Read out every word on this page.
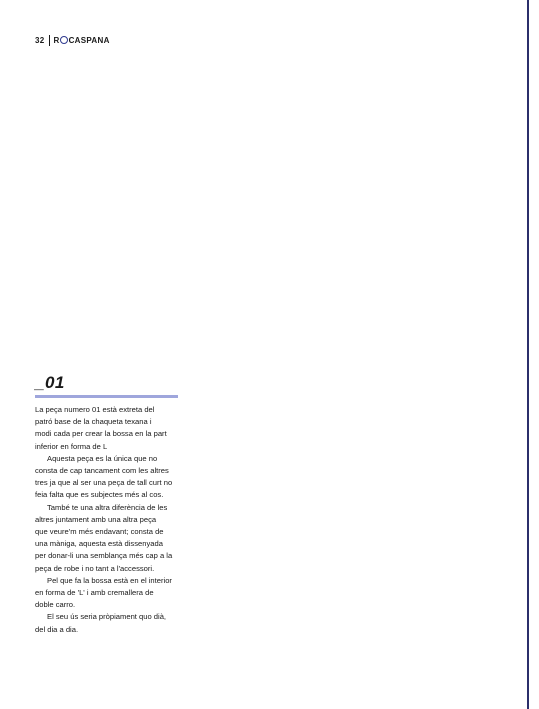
32 R CASPANA
_01
La peça numero 01 està extreta del
patró base de la chaqueta texana i
modi cada per crear la bossa en la part
inferior en forma de L
Aquesta peça es la única que no
consta de cap tancament com les altres
tres ja que al ser una peça de tall curt no
feia falta que es subjectes més al cos.
També te una altra diferència de les
altres juntament amb una altra peça
que veure'm més endavant; consta de
una màniga, aquesta està dissenyada
per donar-li una semblança més cap a la
peça de robe i no tant a l'accessori.
Pel que fa la bossa està en el interior
en forma de 'L' i amb cremallera de
doble carro.
El seu ús seria pròpiament quo dià,
del dia a dia.
